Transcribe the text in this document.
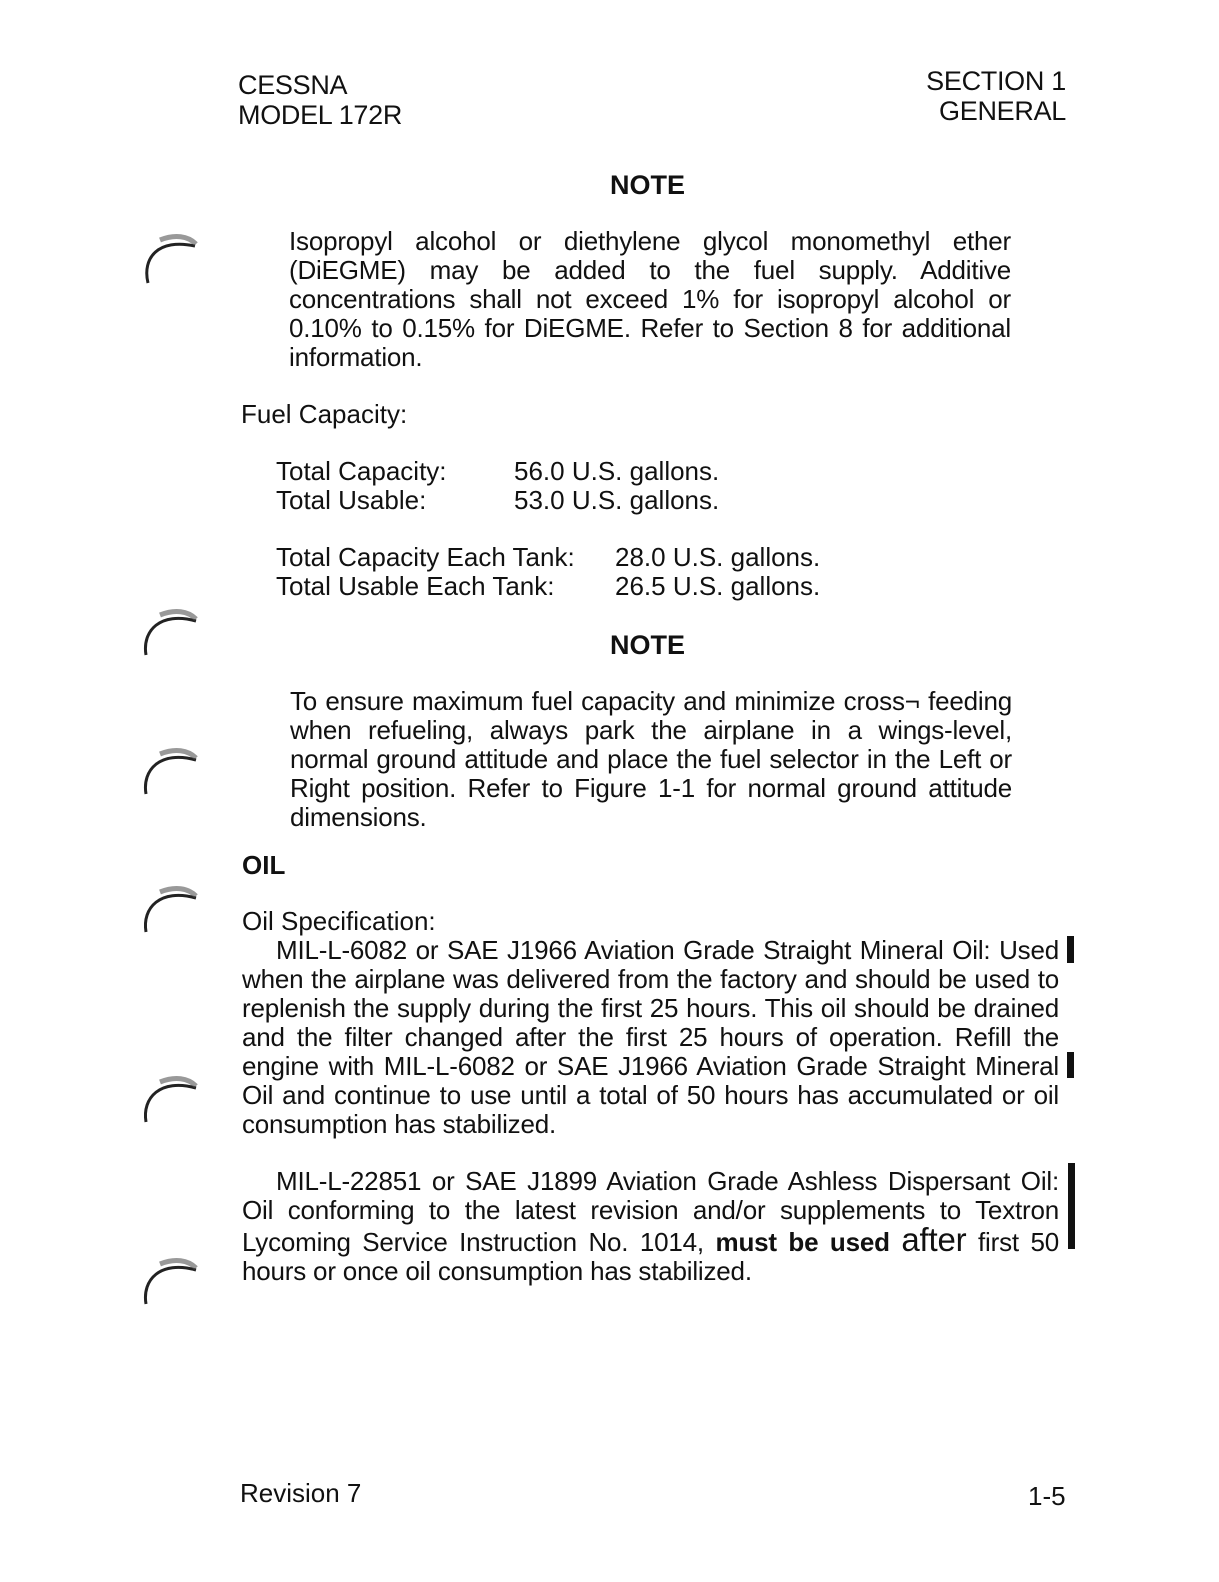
CESSNA
MODEL 172R
SECTION 1
GENERAL
NOTE
Isopropyl alcohol or diethylene glycol monomethyl ether (DiEGME) may be added to the fuel supply. Additive concentrations shall not exceed 1% for isopropyl alcohol or 0.10% to 0.15% for DiEGME. Refer to Section 8 for additional information.
Fuel Capacity:
Total Capacity:	56.0 U.S. gallons.
Total Usable:	53.0 U.S. gallons.
Total Capacity Each Tank:	28.0 U.S. gallons.
Total Usable Each Tank:	26.5 U.S. gallons.
NOTE
To ensure maximum fuel capacity and minimize cross¬ feeding when refueling, always park the airplane in a wings-level, normal ground attitude and place the fuel selector in the Left or Right position. Refer to Figure 1-1 for normal ground attitude dimensions.
OIL
Oil Specification:
MIL-L-6082 or SAE J1966 Aviation Grade Straight Mineral Oil: Used when the airplane was delivered from the factory and should be used to replenish the supply during the first 25 hours. This oil should be drained and the filter changed after the first 25 hours of operation. Refill the engine with MIL-L-6082 or SAE J1966 Aviation Grade Straight Mineral Oil and continue to use until a total of 50 hours has accumulated or oil consumption has stabilized.
MIL-L-22851 or SAE J1899 Aviation Grade Ashless Dispersant Oil: Oil conforming to the latest revision and/or supplements to Textron Lycoming Service Instruction No. 1014, must be used after first 50 hours or once oil consumption has stabilized.
Revision 7	1-5
